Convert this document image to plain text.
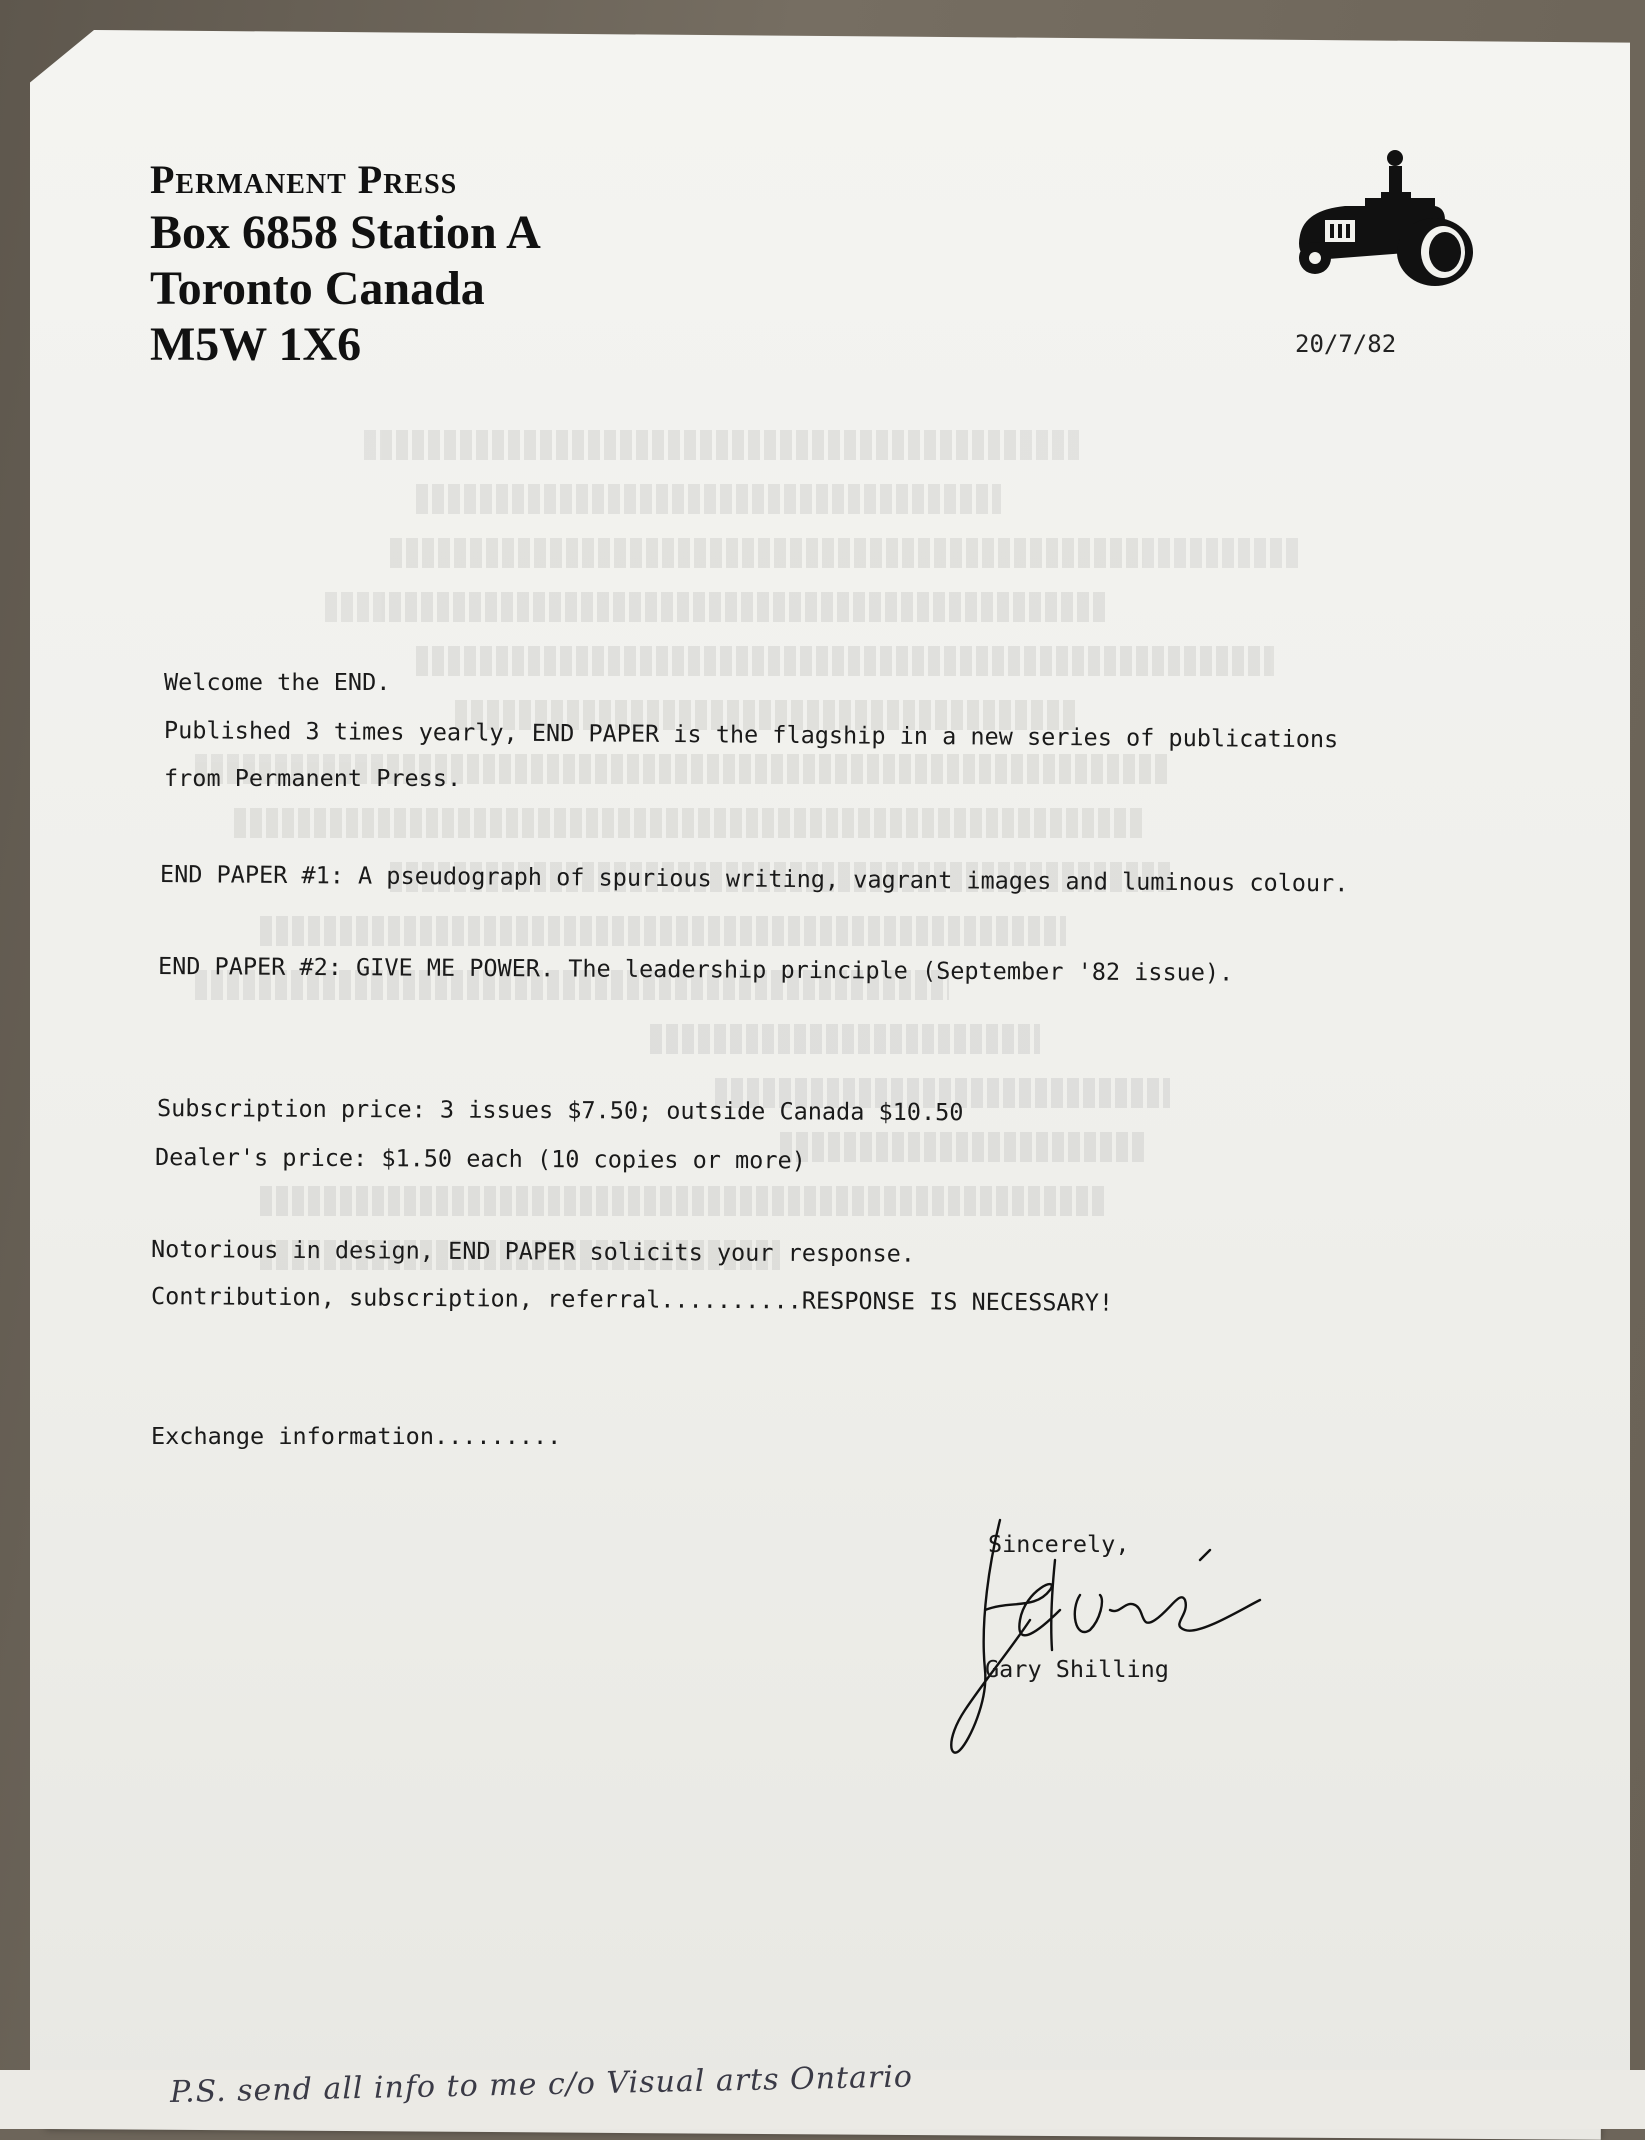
Permanent Press
Box 6858 Station A
Toronto Canada
M5W 1X6	20/7/82
Welcome the END.
Published 3 times yearly, END PAPER is the flagship in a new series of publications
from Permanent Press.
END PAPER #1: A pseudograph of spurious writing, vagrant images and luminous colour.
END PAPER #2: GIVE ME POWER. The leadership principle (September '82 issue).
Subscription price: 3 issues $7.50; outside Canada $10.50
Dealer's price: $1.50 each (10 copies or more)
Notorious in design, END PAPER solicits your response.
Contribution, subscription, referral..........RESPONSE IS NECESSARY!
Exchange information.........
Sincerely,
Gary Shilling
P.S. send all info to me c/o Visual arts Ontario
